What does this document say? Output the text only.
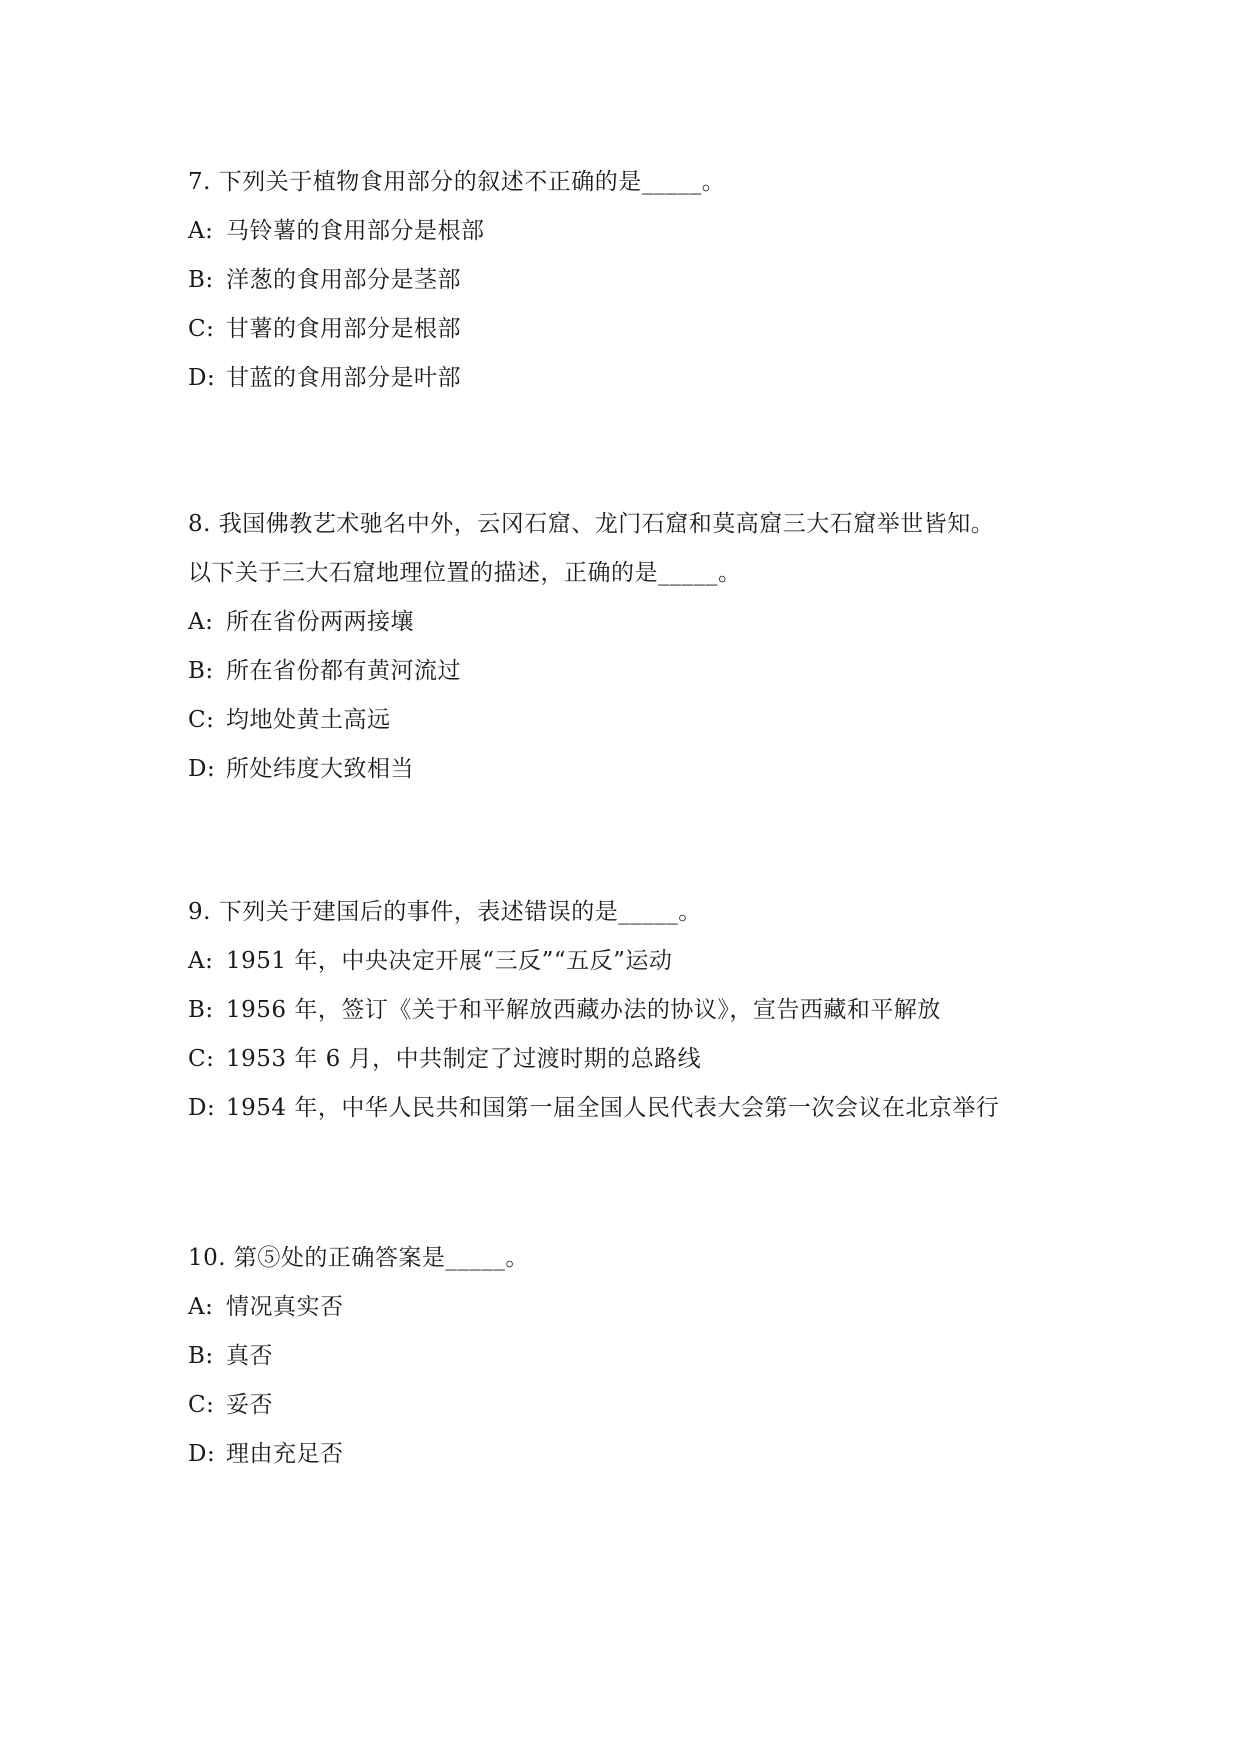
7. 下列关于植物食用部分的叙述不正确的是_____。
A: 马铃薯的食用部分是根部
B: 洋葱的食用部分是茎部
C: 甘薯的食用部分是根部
D: 甘蓝的食用部分是叶部
8. 我国佛教艺术驰名中外，云冈石窟、龙门石窟和莫高窟三大石窟举世皆知。
以下关于三大石窟地理位置的描述，正确的是_____。
A: 所在省份两两接壤
B: 所在省份都有黄河流过
C: 均地处黄土高远
D: 所处纬度大致相当
9. 下列关于建国后的事件，表述错误的是_____。
A: 1951 年，中央决定开展“三反”“五反”运动
B: 1956 年，签订《关于和平解放西藏办法的协议》，宣告西藏和平解放
C: 1953 年 6 月，中共制定了过渡时期的总路线
D: 1954 年，中华人民共和国第一届全国人民代表大会第一次会议在北京举行
10. 第⑤处的正确答案是_____。
A: 情况真实否
B: 真否
C: 妥否
D: 理由充足否
